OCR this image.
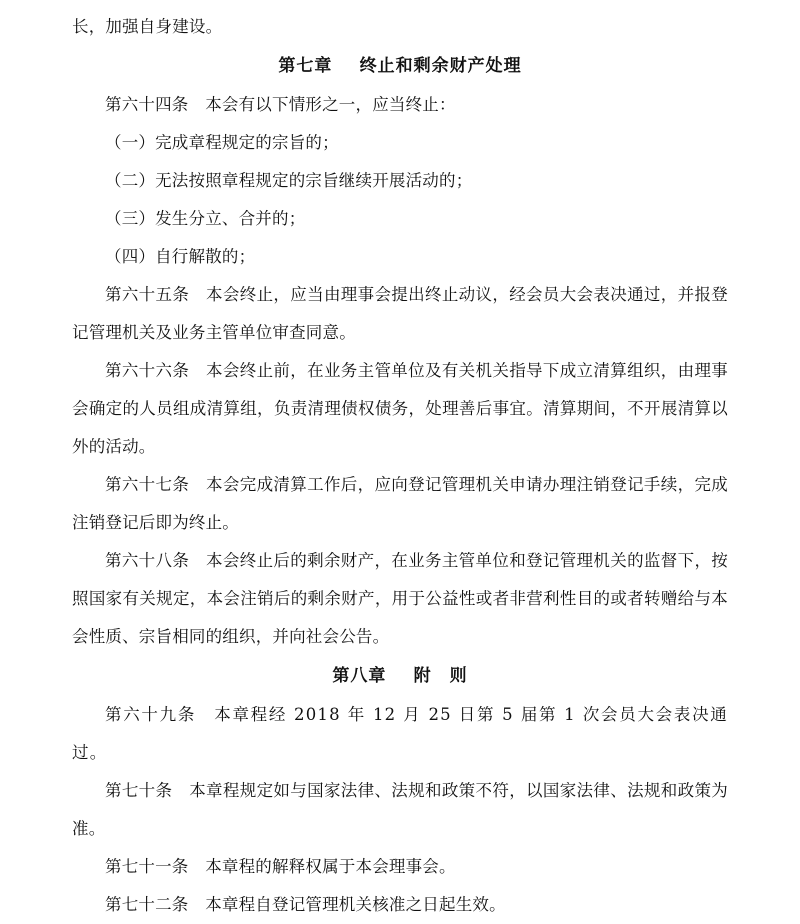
长，加强自身建设。

第七章 终止和剩余财产处理

第六十四条　本会有以下情形之一，应当终止：

（一）完成章程规定的宗旨的；

（二）无法按照章程规定的宗旨继续开展活动的；

（三）发生分立、合并的；

（四）自行解散的；

第六十五条　本会终止，应当由理事会提出终止动议，经会员大会表决通过，并报登记管理机关及业务主管单位审查同意。

第六十六条　本会终止前，在业务主管单位及有关机关指导下成立清算组织，由理事会确定的人员组成清算组，负责清理债权债务，处理善后事宜。清算期间，不开展清算以外的活动。

第六十七条　本会完成清算工作后，应向登记管理机关申请办理注销登记手续，完成注销登记后即为终止。

第六十八条　本会终止后的剩余财产，在业务主管单位和登记管理机关的监督下，按照国家有关规定，本会注销后的剩余财产，用于公益性或者非营利性目的或者转赠给与本会性质、宗旨相同的组织，并向社会公告。

第八章 附　则

第六十九条　本章程经 2018 年 12 月 25 日第 5 届第 1 次会员大会表决通过。

第七十条　本章程规定如与国家法律、法规和政策不符，以国家法律、法规和政策为准。

第七十一条　本章程的解释权属于本会理事会。

第七十二条　本章程自登记管理机关核准之日起生效。
